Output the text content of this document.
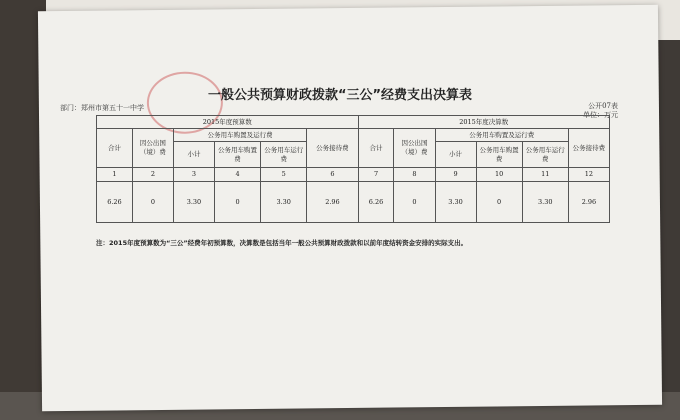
一般公共预算财政拨款“三公”经费支出决算表
部门：郑州市第五十一中学	公开07表
单位：万元
2015年度预算数						2015年度决算数					
合计	因公出国（境）费	公务用车购置及运行费			公务接待费	合计	因公出国（境）费	公务用车购置及运行费			公务接待费
		小计	公务用车购置费	公务用车运行费				小计	公务用车购置费	公务用车运行费	
1	2	3	4	5	6	7	8	9	10	11	12
6.26	0	3.30	0	3.30	2.96	6.26	0	3.30	0	3.30	2.96
注：2015年度预算数为“三公”经费年初预算数，决算数是包括当年一般公共预算财政拨款和以前年度结转资金安排的实际支出。
